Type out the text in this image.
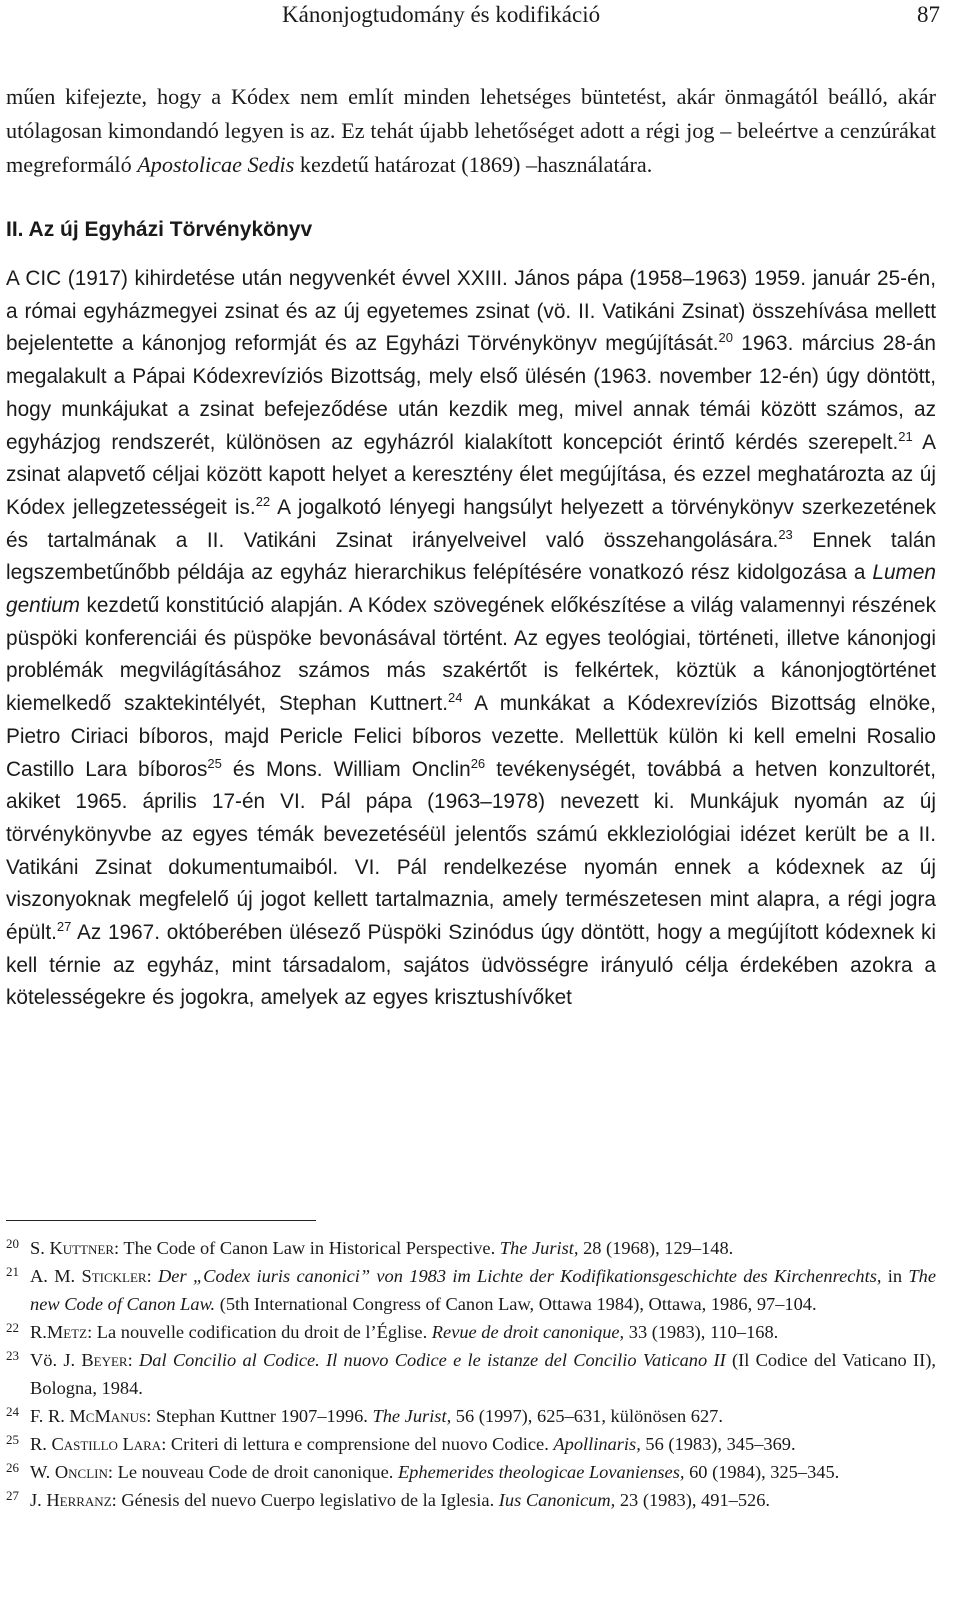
Kánonjogtudomány és kodifikáció	87

műen kifejezte, hogy a Kódex nem említ minden lehetséges büntetést, akár önmagától beálló, akár utólagosan kimondandó legyen is az. Ez tehát újabb lehetőséget adott a régi jog – beleértve a cenzúrákat megreformáló Apostolicae Sedis kezdetű határozat (1869) –használatára.

II. Az új Egyházi Törvénykönyv

A CIC (1917) kihirdetése után negyvenkét évvel XXIII. János pápa (1958–1963) 1959. január 25-én, a római egyházmegyei zsinat és az új egyetemes zsinat (vö. II. Vatikáni Zsinat) összehívása mellett bejelentette a kánonjog reformját és az Egyházi Törvénykönyv megújítását.$^{20}$ 1963. március 28-án megalakult a Pápai Kódexrevíziós Bizottság, mely első ülésén (1963. november 12-én) úgy döntött, hogy munkájukat a zsinat befejeződése után kezdik meg, mivel annak témái között számos, az egyházjog rendszerét, különösen az egyházról kialakított koncepciót érintő kérdés szerepelt.$^{21}$ A zsinat alapvető céljai között kapott helyet a keresztény élet megújítása, és ezzel meghatározta az új Kódex jellegzetességeit is.$^{22}$ A jogalkotó lényegi hangsúlyt helyezett a törvénykönyv szerkezetének és tartalmának a II. Vatikáni Zsinat irányelveivel való összehangolására.$^{23}$ Ennek talán legszembetűnőbb példája az egyház hierarchikus felépítésére vonatkozó rész kidolgozása a Lumen gentium kezdetű konstitúció alapján. A Kódex szövegének előkészítése a világ valamennyi részének püspöki konferenciái és püspöke bevonásával történt. Az egyes teológiai, történeti, illetve kánonjogi problémák megvilágításához számos más szakértőt is felkértek, köztük a kánonjogtörténet kiemelkedő szaktekintélyét, Stephan Kuttnert.$^{24}$ A munkákat a Kódexrevíziós Bizottság elnöke, Pietro Ciriaci bíboros, majd Pericle Felici bíboros vezette. Mellettük külön ki kell emelni Rosalio Castillo Lara bíboros$^{25}$ és Mons. William Onclin$^{26}$ tevékenységét, továbbá a hetven konzultorét, akiket 1965. április 17-én VI. Pál pápa (1963–1978) nevezett ki. Munkájuk nyomán az új törvénykönyvbe az egyes témák bevezetéséül jelentős számú ekkleziológiai idézet került be a II. Vatikáni Zsinat dokumentumaiból. VI. Pál rendelkezése nyomán ennek a kódexnek az új viszonyoknak megfelelő új jogot kellett tartalmaznia, amely természetesen mint alapra, a régi jogra épült.$^{27}$ Az 1967. októberében ülésező Püspöki Szinódus úgy döntött, hogy a megújított kódexnek ki kell térnie az egyház, mint társadalom, sajátos üdvösségre irányuló célja érdekében azokra a kötelességekre és jogokra, amelyek az egyes krisztushívőket

20 S. Kuttner: The Code of Canon Law in Historical Perspective. The Jurist, 28 (1968), 129–148.
21 A. M. Stickler: Der „Codex iuris canonici” von 1983 im Lichte der Kodifikationsgeschichte des Kirchenrechts, in The new Code of Canon Law. (5th International Congress of Canon Law, Ottawa 1984), Ottawa, 1986, 97–104.
22 R.Metz: La nouvelle codification du droit de l’Église. Revue de droit canonique, 33 (1983), 110–168.
23 Vö. J. Beyer: Dal Concilio al Codice. Il nuovo Codice e le istanze del Concilio Vaticano II (Il Codice del Vaticano II), Bologna, 1984.
24 F. R. McManus: Stephan Kuttner 1907–1996. The Jurist, 56 (1997), 625–631, különösen 627.
25 R. Castillo Lara: Criteri di lettura e comprensione del nuovo Codice. Apollinaris, 56 (1983), 345–369.
26 W. Onclin: Le nouveau Code de droit canonique. Ephemerides theologicae Lovanienses, 60 (1984), 325–345.
27 J. Herranz: Génesis del nuevo Cuerpo legislativo de la Iglesia. Ius Canonicum, 23 (1983), 491–526.
